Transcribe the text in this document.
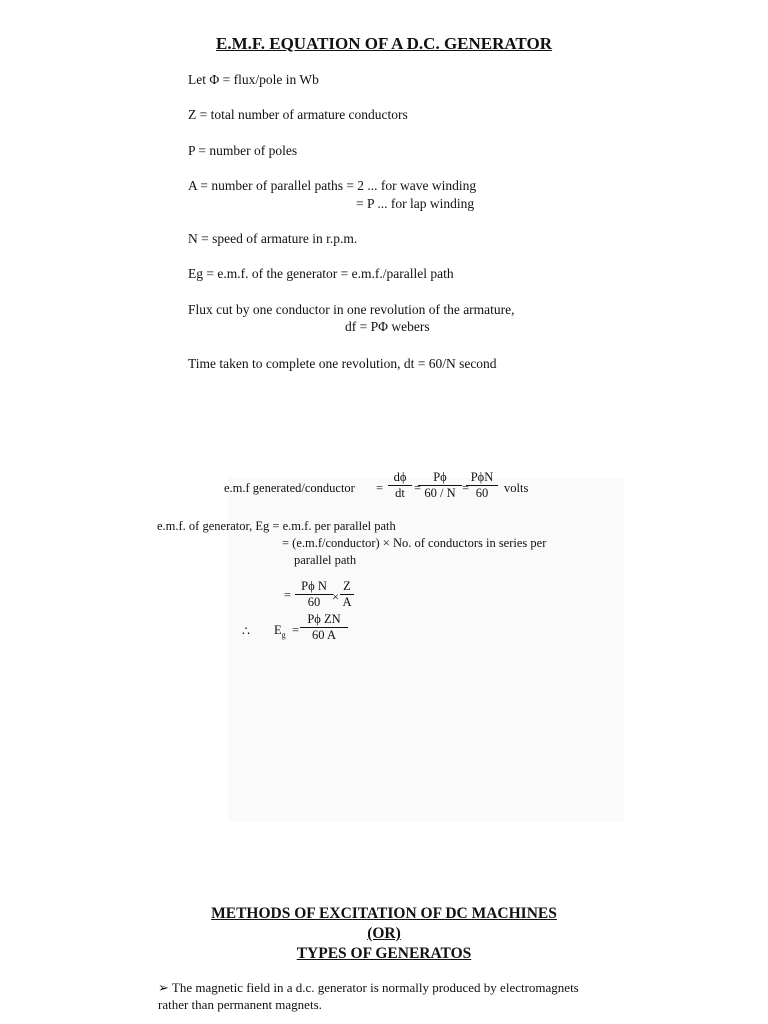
E.M.F. EQUATION OF A D.C. GENERATOR
Let Φ = flux/pole in Wb
Z = total number of armature conductors
P = number of poles
A = number of parallel paths = 2 ... for wave winding
= P ... for lap winding
N = speed of armature in r.p.m.
Eg = e.m.f. of the generator = e.m.f./parallel path
Flux cut by one conductor in one revolution of the armature,
df = PΦ webers
Time taken to complete one revolution, dt = 60/N second
e.m.f generated/conductor = $\frac{d\phi}{dt}$ =
$\frac{P\phi}{60 / N}$ =
PϕN
60	volts
e.m.f. of generator, Eg = e.m.f. per parallel path
= (e.m.f/conductor) × No. of conductors in series per
parallel path
= $\frac{\text{Pϕ N}}{60} \times \frac{Z}{A}$
∴ $E_g = \frac{\text{Pϕ ZN}}{60 A}$
METHODS OF EXCITATION OF DC MACHINES
(OR)
TYPES OF GENERATOS
➢ The magnetic field in a d.c. generator is normally produced by electromagnets
rather than permanent magnets.
